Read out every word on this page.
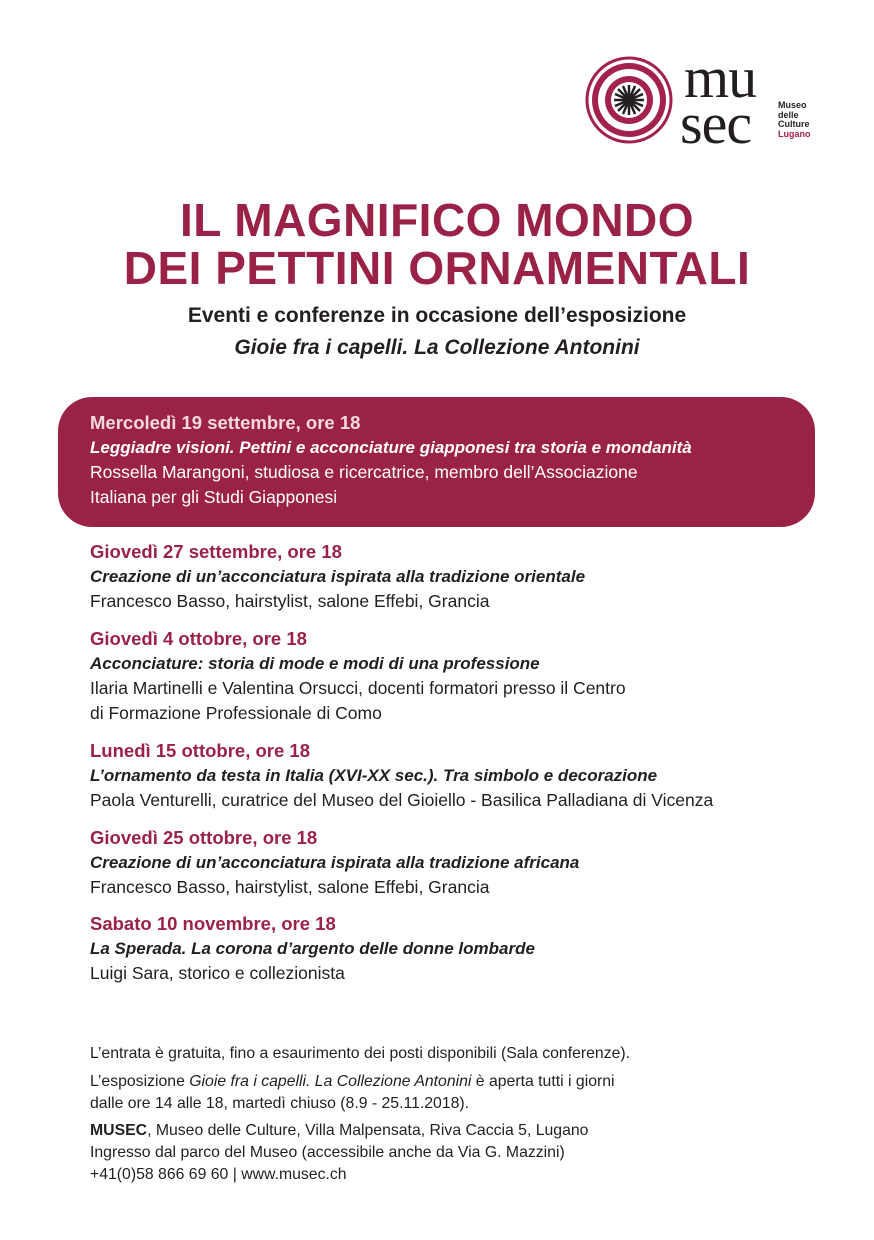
mu
sec	Museo
delle
Culture
Lugano
IL MAGNIFICO MONDO
DEI PETTINI ORNAMENTALI
Eventi e conferenze in occasione dell’esposizione
Gioie fra i capelli. La Collezione Antonini
Mercoledì 19 settembre, ore 18
Leggiadre visioni. Pettini e acconciature giapponesi tra storia e mondanità
Rossella Marangoni, studiosa e ricercatrice, membro dell’Associazione
Italiana per gli Studi Giapponesi
Giovedì 27 settembre, ore 18
Creazione di un’acconciatura ispirata alla tradizione orientale
Francesco Basso, hairstylist, salone Effebi, Grancia
Giovedì 4 ottobre, ore 18
Acconciature: storia di mode e modi di una professione
Ilaria Martinelli e Valentina Orsucci, docenti formatori presso il Centro
di Formazione Professionale di Como
Lunedì 15 ottobre, ore 18
L’ornamento da testa in Italia (XVI-XX sec.). Tra simbolo e decorazione
Paola Venturelli, curatrice del Museo del Gioiello - Basilica Palladiana di Vicenza
Giovedì 25 ottobre, ore 18
Creazione di un’acconciatura ispirata alla tradizione africana
Francesco Basso, hairstylist, salone Effebi, Grancia
Sabato 10 novembre, ore 18
La Sperada. La corona d’argento delle donne lombarde
Luigi Sara, storico e collezionista
L’entrata è gratuita, fino a esaurimento dei posti disponibili (Sala conferenze).
L’esposizione Gioie fra i capelli. La Collezione Antonini è aperta tutti i giorni
dalle ore 14 alle 18, martedì chiuso (8.9 - 25.11.2018).
MUSEC, Museo delle Culture, Villa Malpensata, Riva Caccia 5, Lugano
Ingresso dal parco del Museo (accessibile anche da Via G. Mazzini)
+41(0)58 866 69 60 | www.musec.ch
